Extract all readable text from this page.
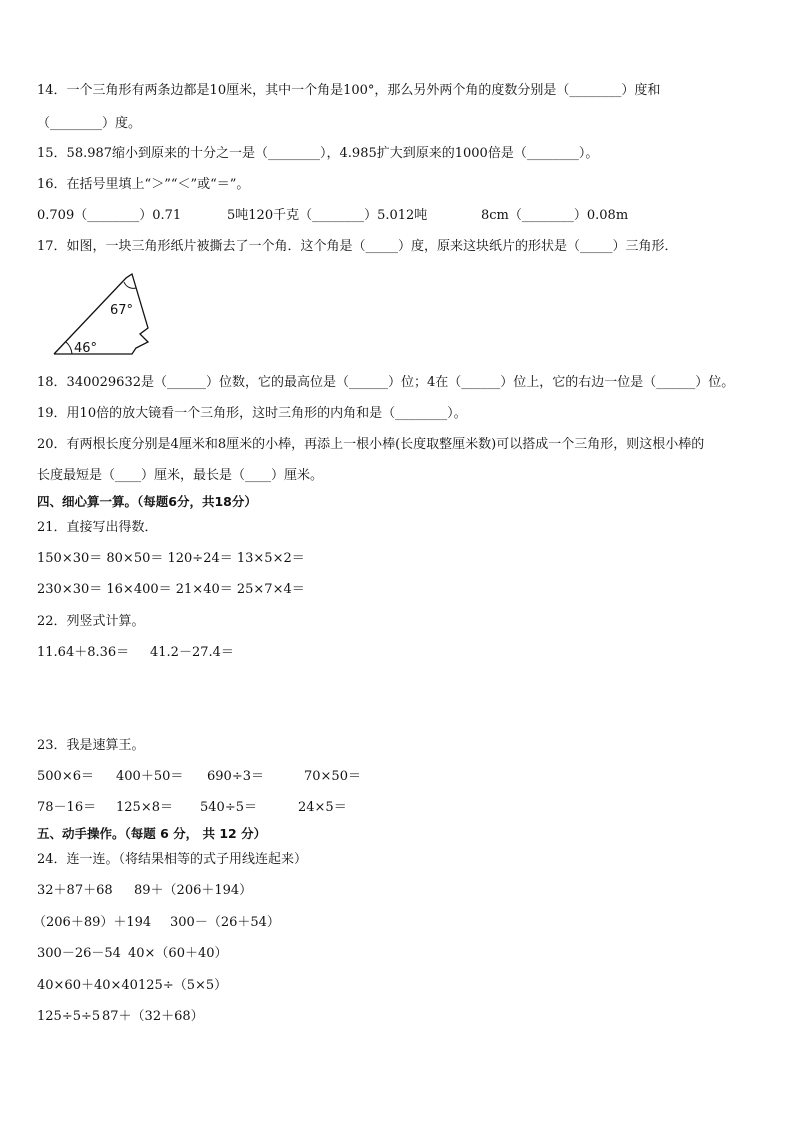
14．一个三角形有两条边都是10厘米，其中一个角是100°，那么另外两个角的度数分别是（________）度和
（________）度。
15．58.987缩小到原来的十分之一是（________），4.985扩大到原来的1000倍是（________）。
16．在括号里填上“＞”“＜”或“＝”。
0.709（________）0.71	5吨120千克（________）5.012吨	8cm（________）0.08m
17．如图，一块三角形纸片被撕去了一个角．这个角是（_____）度，原来这块纸片的形状是（_____）三角形．
67°
46°
18．340029632是（______）位数，它的最高位是（______）位；4在（______）位上，它的右边一位是（______）位。
19．用10倍的放大镜看一个三角形，这时三角形的内角和是（________）。
20．有两根长度分别是4厘米和8厘米的小棒，再添上一根小棒(长度取整厘米数)可以搭成一个三角形，则这根小棒的
长度最短是（____）厘米，最长是（____）厘米。
四、细心算一算。（每题6分，共18分）
21．直接写出得数．
150×30＝ 80×50＝ 120÷24＝ 13×5×2＝
230×30＝ 16×400＝ 21×40＝ 25×7×4＝
22．列竖式计算。
11.64＋8.36＝ 41.2－27.4＝
23．我是速算王。
500×6＝ 400＋50＝ 690÷3＝	70×50＝
78－16＝ 125×8＝ 540÷5＝	24×5＝
五、动手操作。（每题 6 分， 共 12 分）
24．连一连。（将结果相等的式子用线连起来）
32＋87＋68 89＋（206＋194）
（206＋89）＋194 300－（26＋54）
300－26－54 40×（60＋40）
40×60＋40×40 125÷（5×5）
125÷5÷5 87＋（32＋68）
